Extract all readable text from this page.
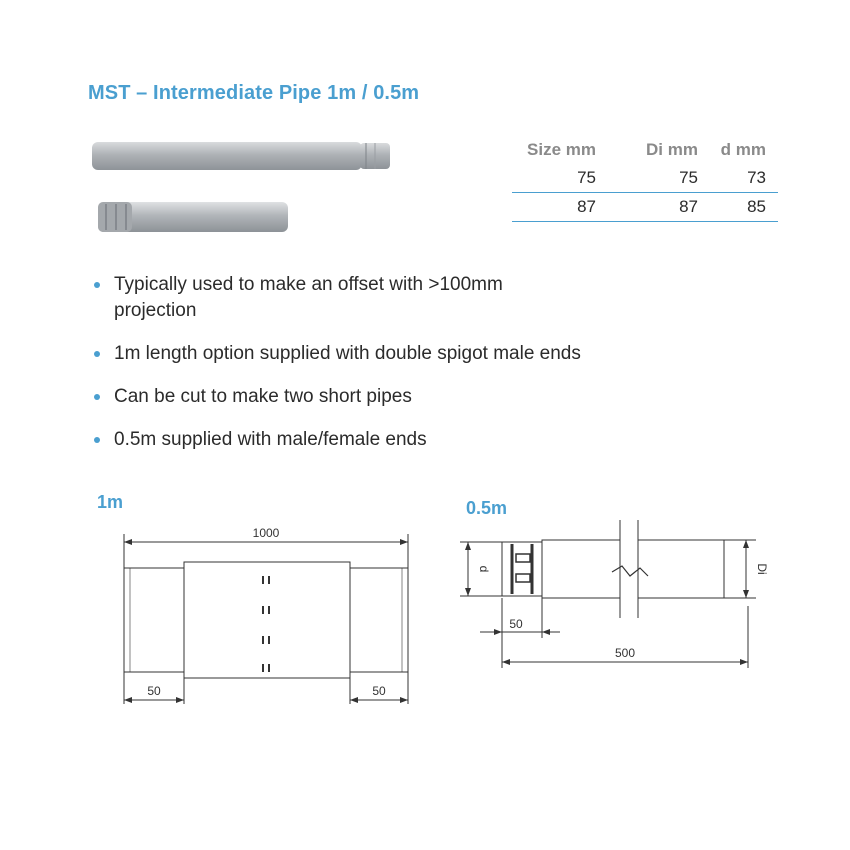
MST – Intermediate Pipe 1m / 0.5m
Size mm	Di mm	d mm
75	75	73
87	87	85
Typically used to make an offset with >100mm projection
1m length option supplied with double spigot male ends
Can be cut to make two short pipes
0.5m supplied with male/female ends
1m	0.5m
1000
50	50
d	Di
50
500
